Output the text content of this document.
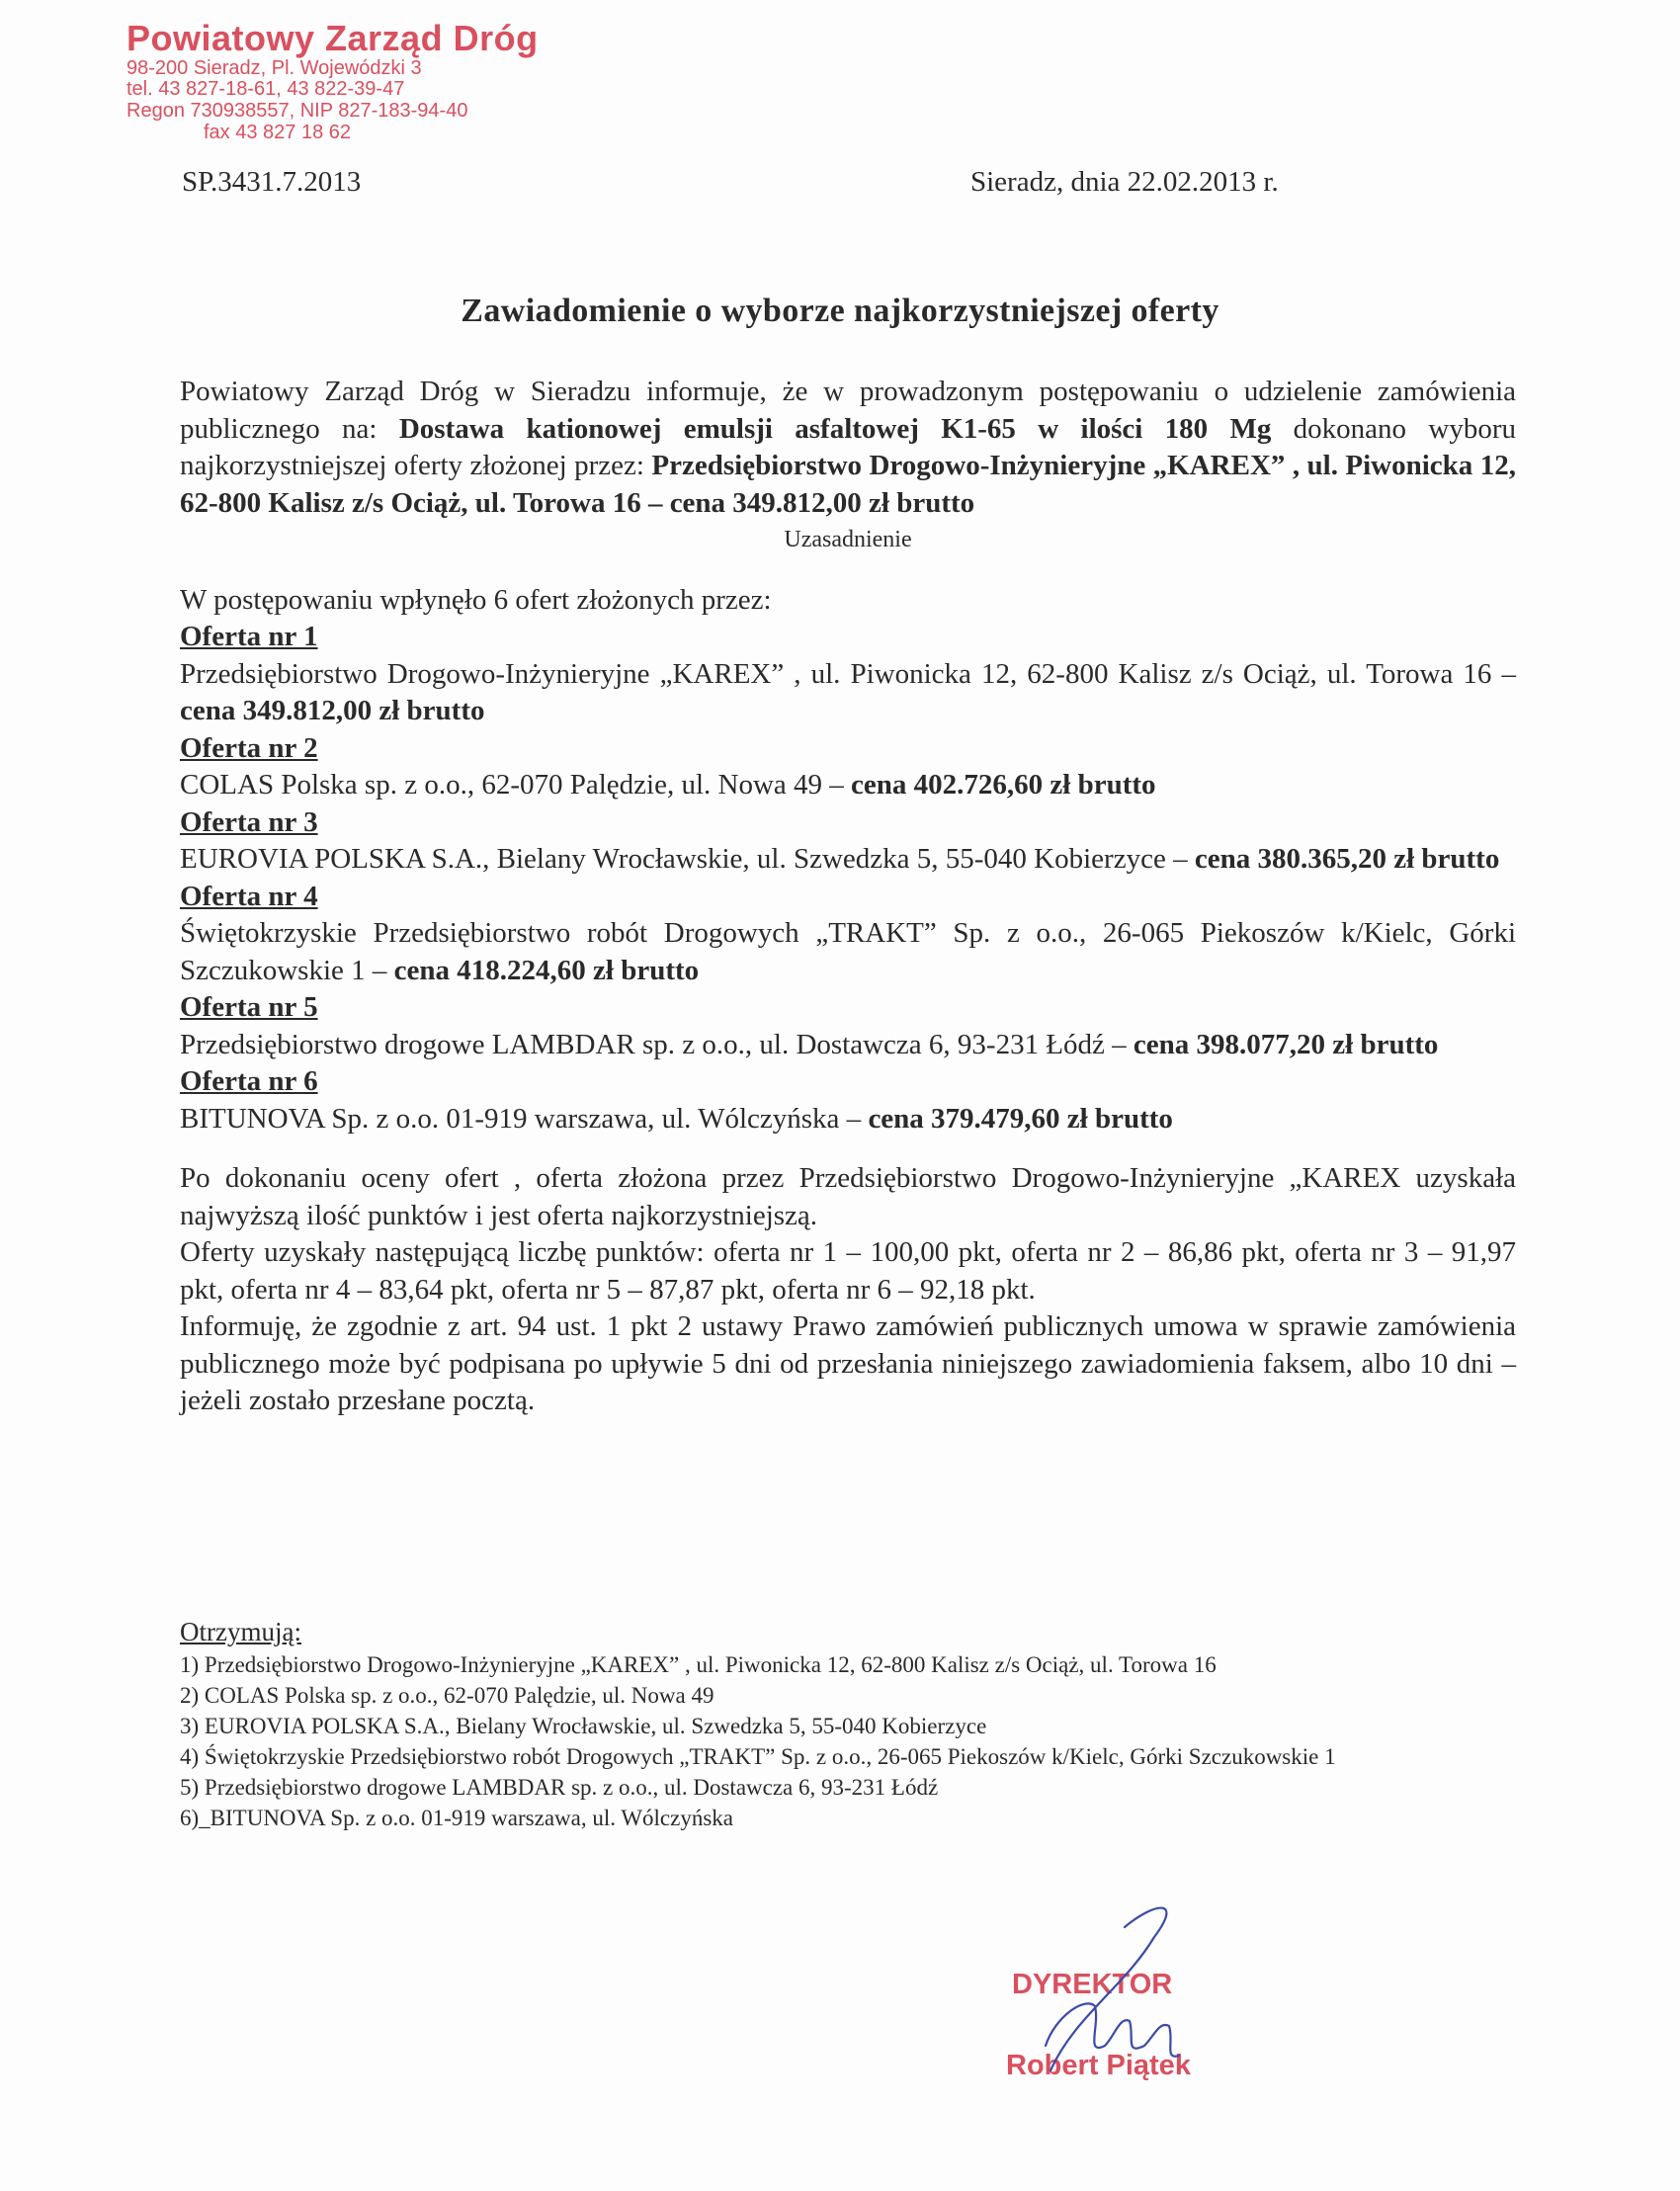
Powiatowy Zarząd Dróg
98-200 Sieradz, Pl. Wojewódzki 3
tel. 43 827-18-61, 43 822-39-47
Regon 730938557, NIP 827-183-94-40
fax 43 827 18 62
SP.3431.7.2013	Sieradz, dnia 22.02.2013 r.
Zawiadomienie o wyborze najkorzystniejszej oferty

Powiatowy Zarząd Dróg w Sieradzu informuje, że w prowadzonym postępowaniu o udzielenie zamówienia publicznego na: Dostawa kationowej emulsji asfaltowej K1-65 w ilości 180 Mg dokonano wyboru najkorzystniejszej oferty złożonej przez: Przedsiębiorstwo Drogowo-Inżynieryjne „KAREX” , ul. Piwonicka 12, 62-800 Kalisz z/s Ociąż, ul. Torowa 16 – cena 349.812,00 zł brutto

Uzasadnienie

W postępowaniu wpłynęło 6 ofert złożonych przez:

Oferta nr 1

Przedsiębiorstwo Drogowo-Inżynieryjne „KAREX” , ul. Piwonicka 12, 62-800 Kalisz z/s Ociąż, ul. Torowa 16 – cena 349.812,00 zł brutto

Oferta nr 2

COLAS Polska sp. z o.o., 62-070 Palędzie, ul. Nowa 49 – cena 402.726,60 zł brutto

Oferta nr 3

EUROVIA POLSKA S.A., Bielany Wrocławskie, ul. Szwedzka 5, 55-040 Kobierzyce – cena 380.365,20 zł brutto

Oferta nr 4

Świętokrzyskie Przedsiębiorstwo robót Drogowych „TRAKT” Sp. z o.o., 26-065 Piekoszów k/Kielc, Górki Szczukowskie 1 – cena 418.224,60 zł brutto

Oferta nr 5

Przedsiębiorstwo drogowe LAMBDAR sp. z o.o., ul. Dostawcza 6, 93-231 Łódź – cena 398.077,20 zł brutto

Oferta nr 6

BITUNOVA Sp. z o.o. 01-919 warszawa, ul. Wólczyńska – cena 379.479,60 zł brutto

Po dokonaniu oceny ofert , oferta złożona przez Przedsiębiorstwo Drogowo-Inżynieryjne „KAREX uzyskała najwyższą ilość punktów i jest oferta najkorzystniejszą.

Oferty uzyskały następującą liczbę punktów: oferta nr 1 – 100,00 pkt, oferta nr 2 – 86,86 pkt, oferta nr 3 – 91,97 pkt, oferta nr 4 – 83,64 pkt, oferta nr 5 – 87,87 pkt, oferta nr 6 – 92,18 pkt.

Informuję, że zgodnie z art. 94 ust. 1 pkt 2 ustawy Prawo zamówień publicznych umowa w sprawie zamówienia publicznego może być podpisana po upływie 5 dni od przesłania niniejszego zawiadomienia faksem, albo 10 dni – jeżeli zostało przesłane pocztą.

Otrzymują:

1) Przedsiębiorstwo Drogowo-Inżynieryjne „KAREX” , ul. Piwonicka 12, 62-800 Kalisz z/s Ociąż, ul. Torowa 16

2) COLAS Polska sp. z o.o., 62-070 Palędzie, ul. Nowa 49

3) EUROVIA POLSKA S.A., Bielany Wrocławskie, ul. Szwedzka 5, 55-040 Kobierzyce

4) Świętokrzyskie Przedsiębiorstwo robót Drogowych „TRAKT” Sp. z o.o., 26-065 Piekoszów k/Kielc, Górki Szczukowskie 1

5) Przedsiębiorstwo drogowe LAMBDAR sp. z o.o., ul. Dostawcza 6, 93-231 Łódź

6)_BITUNOVA Sp. z o.o. 01-919 warszawa, ul. Wólczyńska

DYREKTOR
Robert Piątek
